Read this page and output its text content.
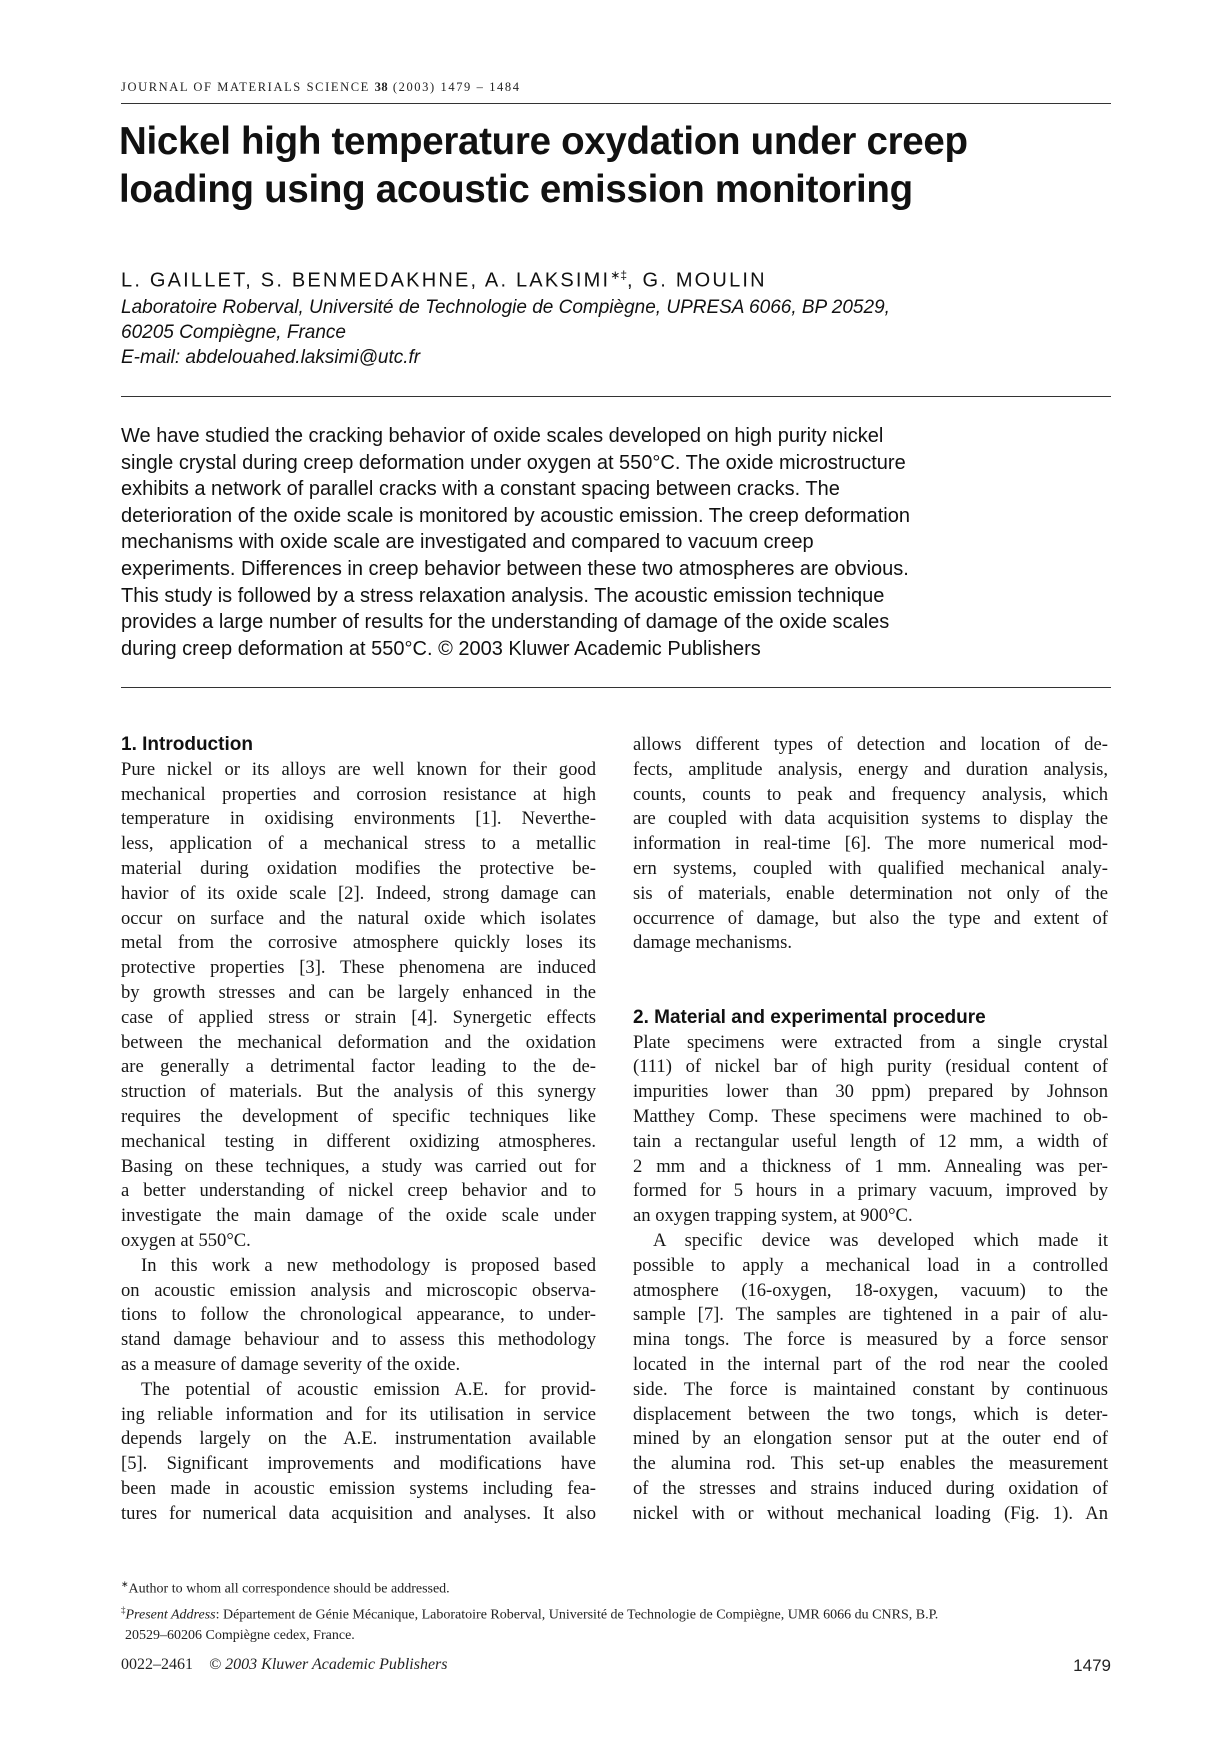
JOURNAL OF MATERIALS SCIENCE 38 (2003) 1479 – 1484
Nickel high temperature oxydation under creep
loading using acoustic emission monitoring
L. GAILLET, S. BENMEDAKHNE, A. LAKSIMI∗‡, G. MOULIN
Laboratoire Roberval, Université de Technologie de Compiègne, UPRESA 6066, BP 20529,
60205 Compiègne, France
E-mail: abdelouahed.laksimi@utc.fr
We have studied the cracking behavior of oxide scales developed on high purity nickel
single crystal during creep deformation under oxygen at 550°C. The oxide microstructure
exhibits a network of parallel cracks with a constant spacing between cracks. The
deterioration of the oxide scale is monitored by acoustic emission. The creep deformation
mechanisms with oxide scale are investigated and compared to vacuum creep
experiments. Differences in creep behavior between these two atmospheres are obvious.
This study is followed by a stress relaxation analysis. The acoustic emission technique
provides a large number of results for the understanding of damage of the oxide scales
during creep deformation at 550°C. © 2003 Kluwer Academic Publishers
1. Introduction
Pure nickel or its alloys are well known for their good
mechanical properties and corrosion resistance at high
temperature in oxidising environments [1]. Neverthe-
less, application of a mechanical stress to a metallic
material during oxidation modifies the protective be-
havior of its oxide scale [2]. Indeed, strong damage can
occur on surface and the natural oxide which isolates
metal from the corrosive atmosphere quickly loses its
protective properties [3]. These phenomena are induced
by growth stresses and can be largely enhanced in the
case of applied stress or strain [4]. Synergetic effects
between the mechanical deformation and the oxidation
are generally a detrimental factor leading to the de-
struction of materials. But the analysis of this synergy
requires the development of specific techniques like
mechanical testing in different oxidizing atmospheres.
Basing on these techniques, a study was carried out for
a better understanding of nickel creep behavior and to
investigate the main damage of the oxide scale under
oxygen at 550°C.
In this work a new methodology is proposed based
on acoustic emission analysis and microscopic observa-
tions to follow the chronological appearance, to under-
stand damage behaviour and to assess this methodology
as a measure of damage severity of the oxide.
The potential of acoustic emission A.E. for provid-
ing reliable information and for its utilisation in service
depends largely on the A.E. instrumentation available
[5]. Significant improvements and modifications have
been made in acoustic emission systems including fea-
tures for numerical data acquisition and analyses. It also
allows different types of detection and location of de-
fects, amplitude analysis, energy and duration analysis,
counts, counts to peak and frequency analysis, which
are coupled with data acquisition systems to display the
information in real-time [6]. The more numerical mod-
ern systems, coupled with qualified mechanical analy-
sis of materials, enable determination not only of the
occurrence of damage, but also the type and extent of
damage mechanisms.
2. Material and experimental procedure
Plate specimens were extracted from a single crystal
(111) of nickel bar of high purity (residual content of
impurities lower than 30 ppm) prepared by Johnson
Matthey Comp. These specimens were machined to ob-
tain a rectangular useful length of 12 mm, a width of
2 mm and a thickness of 1 mm. Annealing was per-
formed for 5 hours in a primary vacuum, improved by
an oxygen trapping system, at 900°C.
A specific device was developed which made it
possible to apply a mechanical load in a controlled
atmosphere (16-oxygen, 18-oxygen, vacuum) to the
sample [7]. The samples are tightened in a pair of alu-
mina tongs. The force is measured by a force sensor
located in the internal part of the rod near the cooled
side. The force is maintained constant by continuous
displacement between the two tongs, which is deter-
mined by an elongation sensor put at the outer end of
the alumina rod. This set-up enables the measurement
of the stresses and strains induced during oxidation of
nickel with or without mechanical loading (Fig. 1). An
∗Author to whom all correspondence should be addressed.
‡Present Address: Département de Génie Mécanique, Laboratoire Roberval, Université de Technologie de Compiègne, UMR 6066 du CNRS, B.P.
20529–60206 Compiègne cedex, France.
0022–2461 © 2003 Kluwer Academic Publishers	1479
